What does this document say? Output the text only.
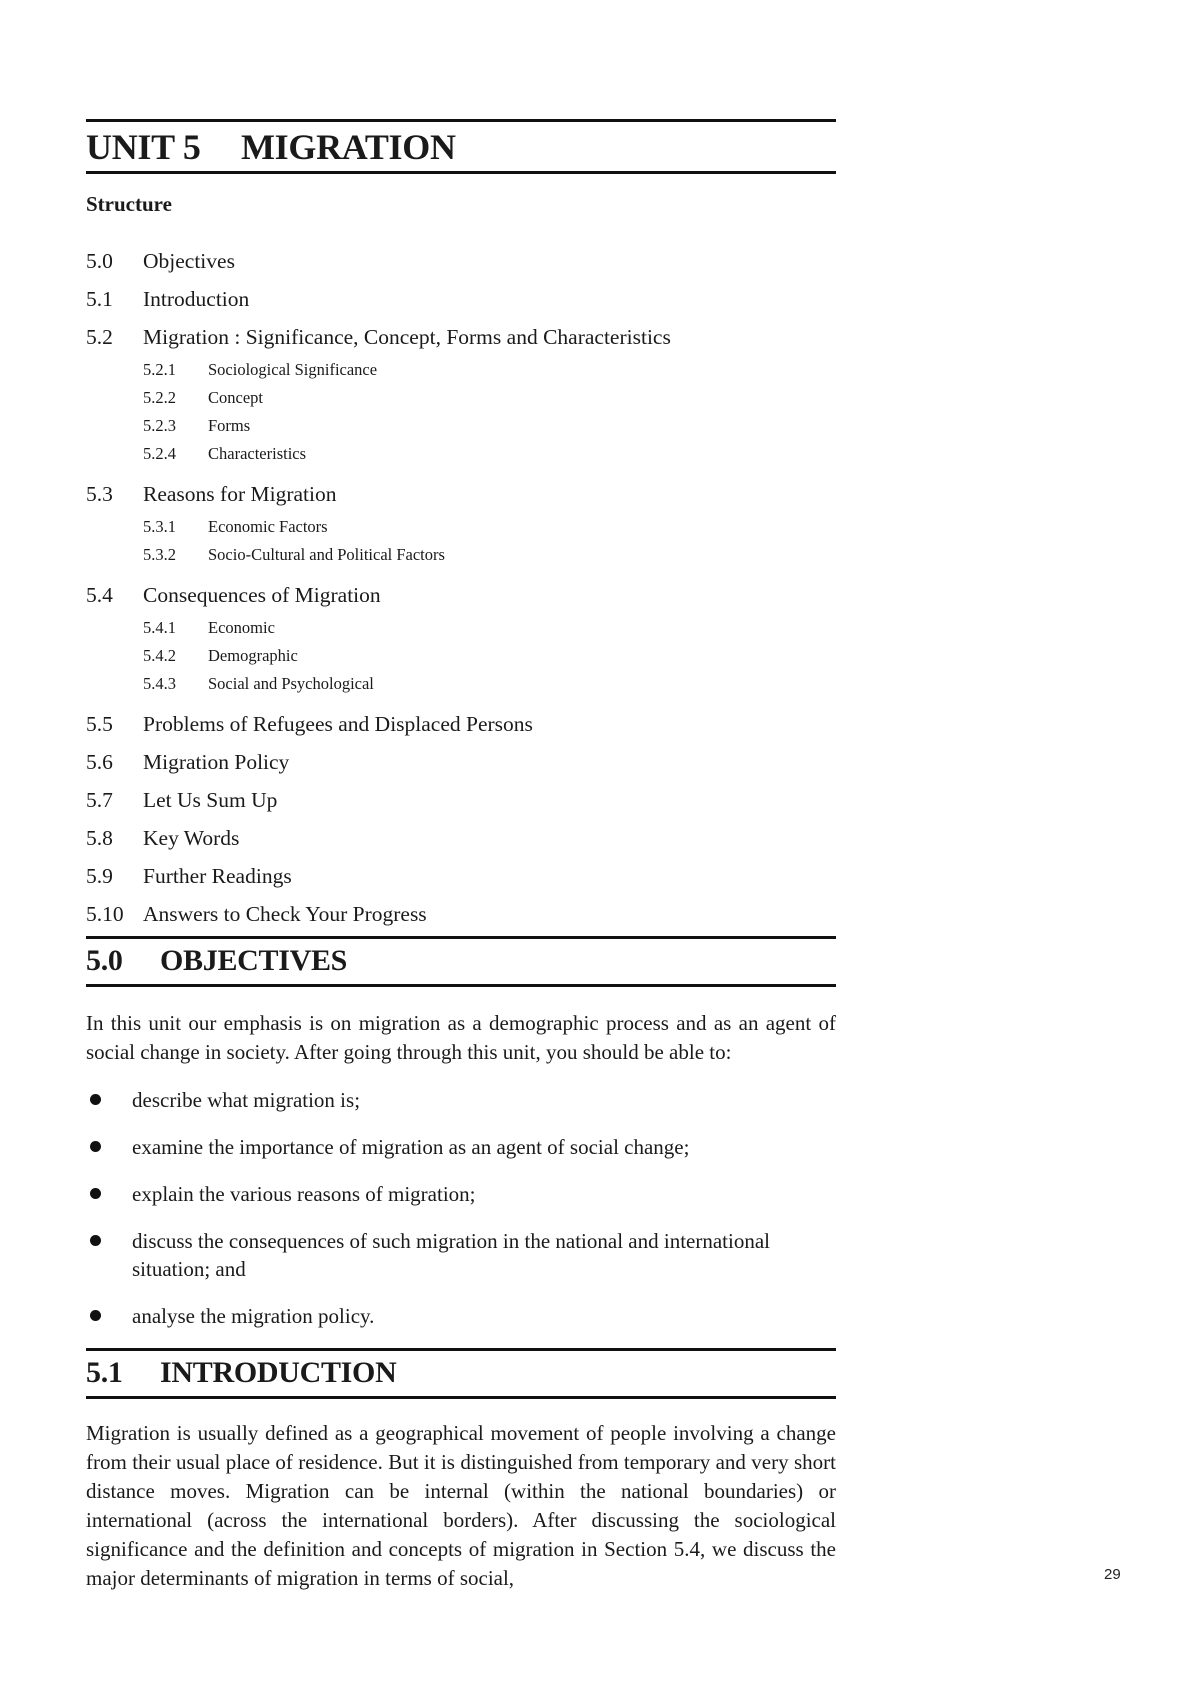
UNIT 5 MIGRATION
Structure
5.0 Objectives
5.1 Introduction
5.2 Migration : Significance, Concept, Forms and Characteristics
5.2.1 Sociological Significance
5.2.2 Concept
5.2.3 Forms
5.2.4 Characteristics
5.3 Reasons for Migration
5.3.1 Economic Factors
5.3.2 Socio-Cultural and Political Factors
5.4 Consequences of Migration
5.4.1 Economic
5.4.2 Demographic
5.4.3 Social and Psychological
5.5 Problems of Refugees and Displaced Persons
5.6 Migration Policy
5.7 Let Us Sum Up
5.8 Key Words
5.9 Further Readings
5.10 Answers to Check Your Progress
5.0 OBJECTIVES

In this unit our emphasis is on migration as a demographic process and as an agent of social change in society. After going through this unit, you should be able to:

describe what migration is;
examine the importance of migration as an agent of social change;
explain the various reasons of migration;
discuss the consequences of such migration in the national and international situation; and
analyse the migration policy.
5.1 INTRODUCTION

Migration is usually defined as a geographical movement of people involving a change from their usual place of residence. But it is distinguished from temporary and very short distance moves. Migration can be internal (within the national boundaries) or international (across the international borders). After discussing the sociological significance and the definition and concepts of migration in Section 5.4, we discuss the major determinants of migration in terms of social,	29
